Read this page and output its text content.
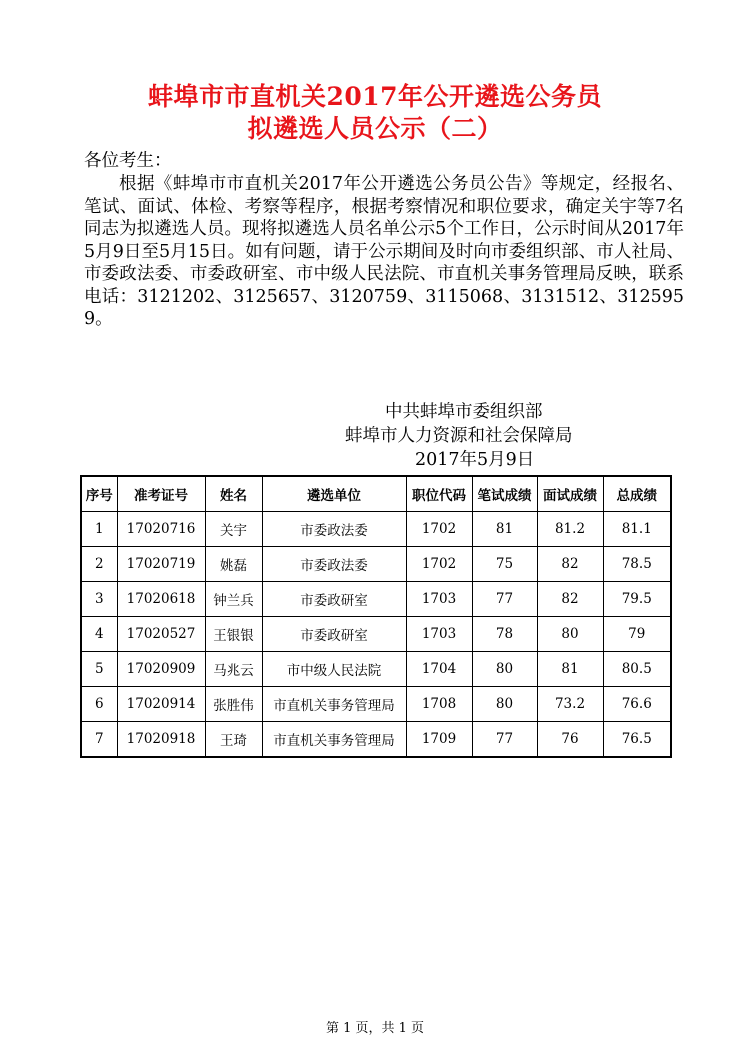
蚌埠市市直机关2017年公开遴选公务员
拟遴选人员公示（二）
各位考生：
根据《蚌埠市市直机关2017年公开遴选公务员公告》等规定，经报名、笔试、面试、体检、考察等程序，根据考察情况和职位要求，确定关宇等7名同志为拟遴选人员。现将拟遴选人员名单公示5个工作日，公示时间从2017年5月9日至5月15日。如有问题，请于公示期间及时向市委组织部、市人社局、市委政法委、市委政研室、市中级人民法院、市直机关事务管理局反映，联系电话：3121202、3125657、3120759、3115068、3131512、3125959。
中共蚌埠市委组织部
蚌埠市人力资源和社会保障局
2017年5月9日
序号	准考证号	姓名	遴选单位	职位代码	笔试成绩	面试成绩	总成绩
1	17020716	关宇	市委政法委	1702	81	81.2	81.1
2	17020719	姚磊	市委政法委	1702	75	82	78.5
3	17020618	钟兰兵	市委政研室	1703	77	82	79.5
4	17020527	王银银	市委政研室	1703	78	80	79
5	17020909	马兆云	市中级人民法院	1704	80	81	80.5
6	17020914	张胜伟	市直机关事务管理局	1708	80	73.2	76.6
7	17020918	王琦	市直机关事务管理局	1709	77	76	76.5
第 1 页，共 1 页
